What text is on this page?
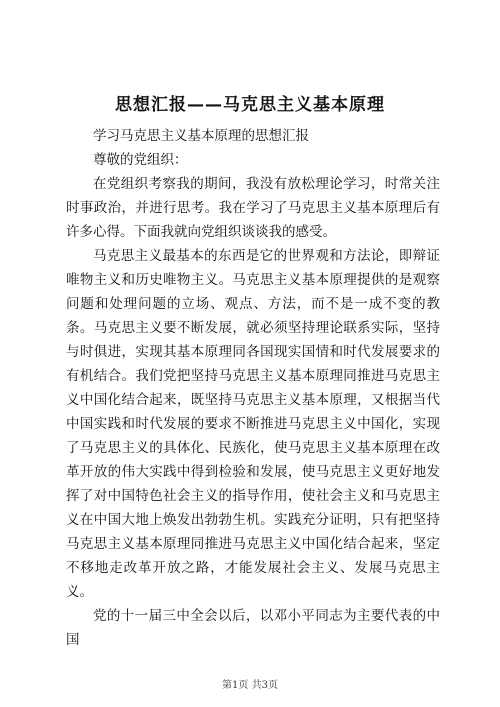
思想汇报——马克思主义基本原理

学习马克思主义基本原理的思想汇报

尊敬的党组织：

在党组织考察我的期间，我没有放松理论学习，时常关注时事政治，并进行思考。我在学习了马克思主义基本原理后有许多心得。下面我就向党组织谈谈我的感受。

马克思主义最基本的东西是它的世界观和方法论，即辩证唯物主义和历史唯物主义。马克思主义基本原理提供的是观察问题和处理问题的立场、观点、方法，而不是一成不变的教条。马克思主义要不断发展，就必须坚持理论联系实际，坚持与时俱进，实现其基本原理同各国现实国情和时代发展要求的有机结合。我们党把坚持马克思主义基本原理同推进马克思主义中国化结合起来，既坚持马克思主义基本原理，又根据当代中国实践和时代发展的要求不断推进马克思主义中国化，实现了马克思主义的具体化、民族化，使马克思主义基本原理在改革开放的伟大实践中得到检验和发展，使马克思主义更好地发挥了对中国特色社会主义的指导作用，使社会主义和马克思主义在中国大地上焕发出勃勃生机。实践充分证明，只有把坚持马克思主义基本原理同推进马克思主义中国化结合起来，坚定不移地走改革开放之路，才能发展社会主义、发展马克思主义。

党的十一届三中全会以后，以邓小平同志为主要代表的中国

第1页 共3页
